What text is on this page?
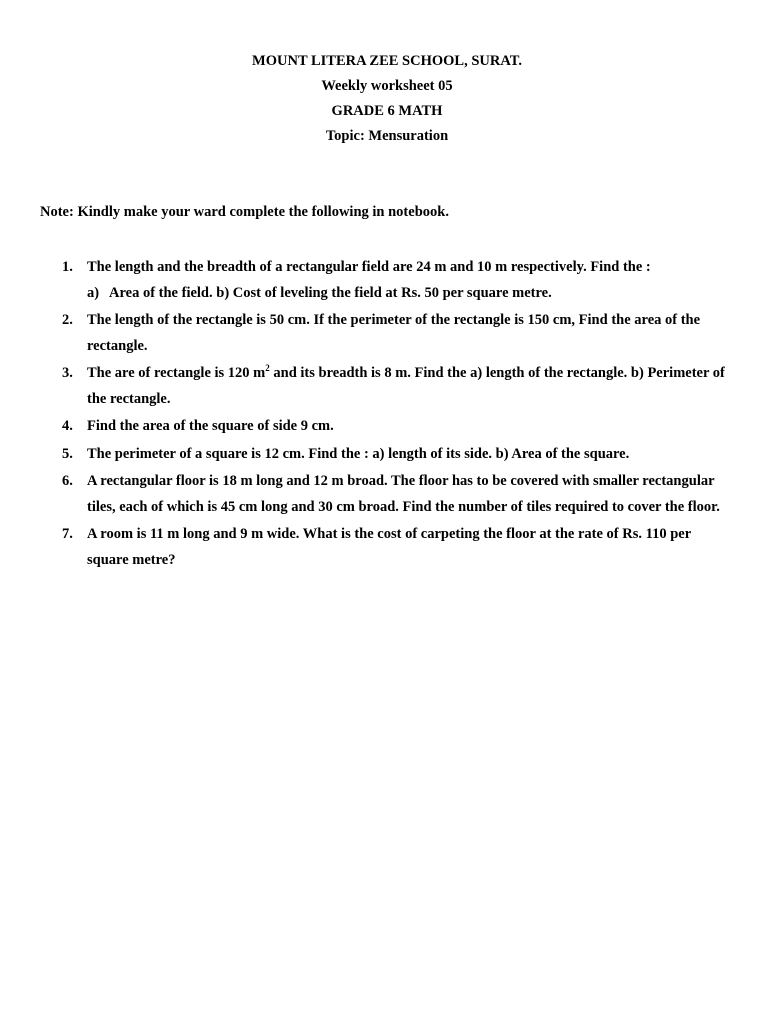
MOUNT LITERA ZEE SCHOOL, SURAT.
Weekly worksheet 05
GRADE 6 MATH
Topic: Mensuration
Note: Kindly make your ward complete the following in notebook.
1. The length and the breadth of a rectangular field are 24 m and 10 m respectively. Find the :
a) Area of the field. b) Cost of leveling the field at Rs. 50 per square metre.
2. The length of the rectangle is 50 cm. If the perimeter of the rectangle is 150 cm, Find the area of the rectangle.
3. The are of rectangle is 120 $m^2$ and its breadth is 8 m. Find the a) length of the rectangle. b) Perimeter of the rectangle.
4. Find the area of the square of side 9 cm.
5. The perimeter of a square is 12 cm. Find the : a) length of its side. b) Area of the square.
6. A rectangular floor is 18 m long and 12 m broad. The floor has to be covered with smaller rectangular tiles, each of which is 45 cm long and 30 cm broad. Find the number of tiles required to cover the floor.
7. A room is 11 m long and 9 m wide. What is the cost of carpeting the floor at the rate of Rs. 110 per square metre?
